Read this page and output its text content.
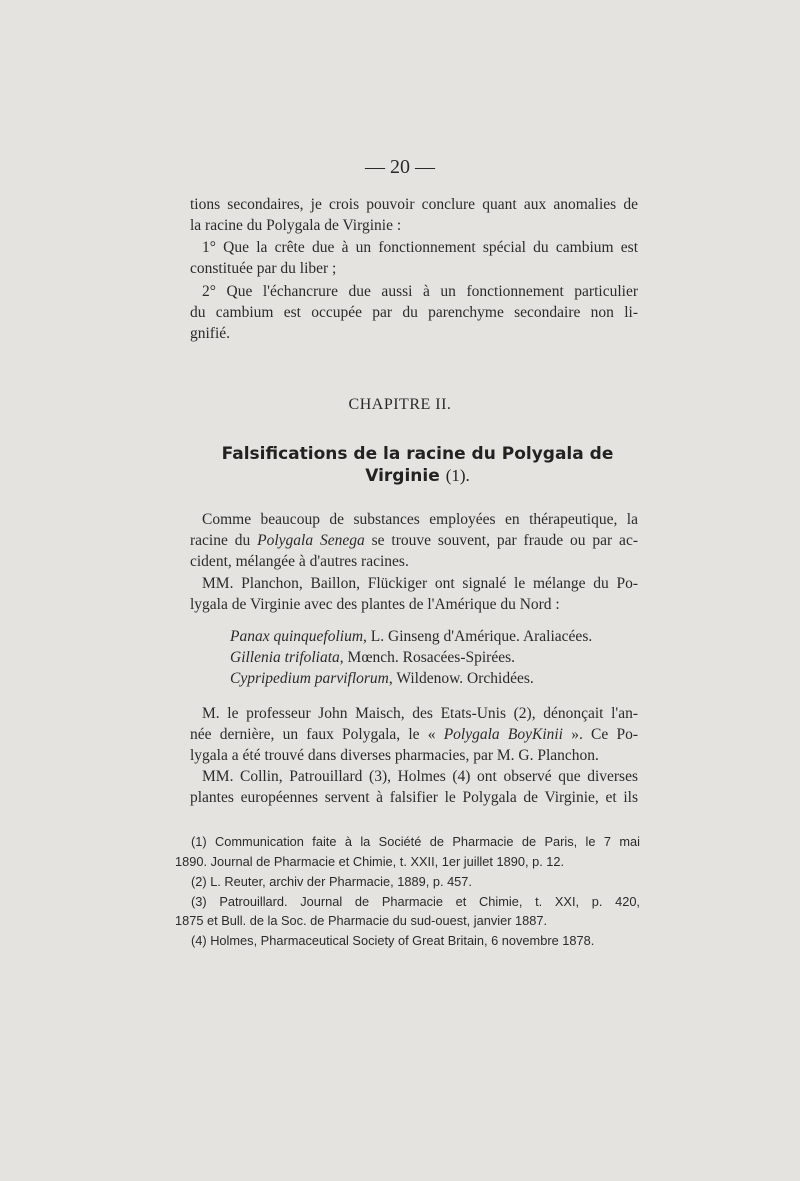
— 20 —

tions secondaires, je crois pouvoir conclure quant aux anomalies de

la racine du Polygala de Virginie :

1° Que la crête due à un fonctionnement spécial du cambium est

constituée par du liber ;

2° Que l'échancrure due aussi à un fonctionnement particulier

du cambium est occupée par du parenchyme secondaire non li-

gnifié.

CHAPITRE II.
Falsifications de la racine du Polygala de
Virginie (1).

Comme beaucoup de substances employées en thérapeutique, la

racine du Polygala Senega se trouve souvent, par fraude ou par ac-

cident, mélangée à d'autres racines.

MM. Planchon, Baillon, Flückiger ont signalé le mélange du Po-

lygala de Virginie avec des plantes de l'Amérique du Nord :

Panax quinquefolium, L. Ginseng d'Amérique. Araliacées.
Gillenia trifoliata, Mœnch. Rosacées-Spirées.
Cypripedium parviflorum, Wildenow. Orchidées.

M. le professeur John Maisch, des Etats-Unis (2), dénonçait l'an-

née dernière, un faux Polygala, le « Polygala BoyKinii ». Ce Po-

lygala a été trouvé dans diverses pharmacies, par M. G. Planchon.

MM. Collin, Patrouillard (3), Holmes (4) ont observé que diverses

plantes européennes servent à falsifier le Polygala de Virginie, et ils

(1) Communication faite à la Société de Pharmacie de Paris, le 7 mai

1890. Journal de Pharmacie et Chimie, t. XXII, 1er juillet 1890, p. 12.

(2) L. Reuter, archiv der Pharmacie, 1889, p. 457.

(3) Patrouillard. Journal de Pharmacie et Chimie, t. XXI, p. 420,

1875 et Bull. de la Soc. de Pharmacie du sud-ouest, janvier 1887.

(4) Holmes, Pharmaceutical Society of Great Britain, 6 novembre 1878.
